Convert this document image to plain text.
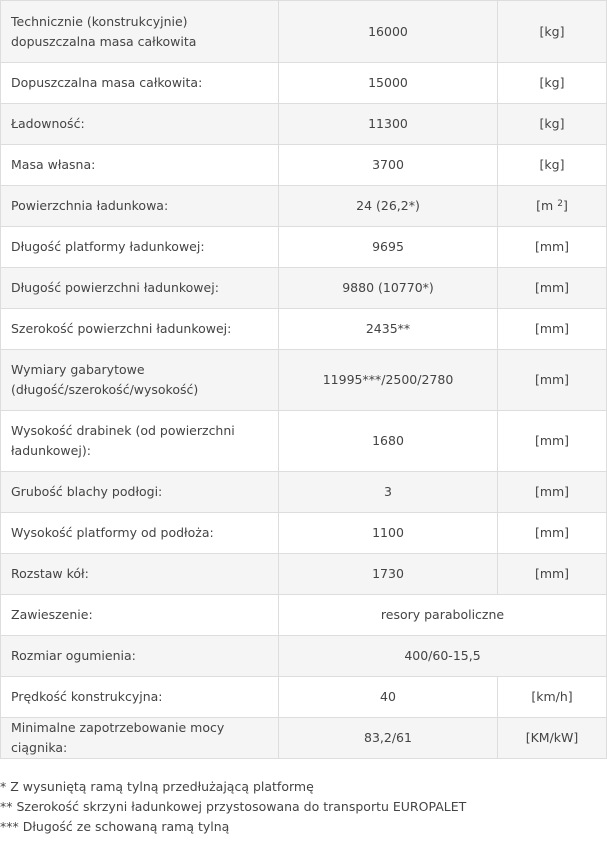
Technicznie (konstrukcyjnie) dopuszczalna masa całkowita	16000	[kg]
Dopuszczalna masa całkowita:	15000	[kg]
Ładowność:	11300	[kg]
Masa własna:	3700	[kg]
Powierzchnia ładunkowa:	24 (26,2*)	[m $^2$]
Długość platformy ładunkowej:	9695	[mm]
Długość powierzchni ładunkowej:	9880 (10770*)	[mm]
Szerokość powierzchni ładunkowej:	2435**	[mm]
Wymiary gabarytowe (długość/szerokość/wysokość)	11995***/2500/2780	[mm]
Wysokość drabinek (od powierzchni ładunkowej):	1680	[mm]
Grubość blachy podłogi:	3	[mm]
Wysokość platformy od podłoża:	1100	[mm]
Rozstaw kół:	1730	[mm]
Zawieszenie:	resory paraboliczne	
Rozmiar ogumienia:	400/60-15,5	
Prędkość konstrukcyjna:	40	[km/h]
Minimalne zapotrzebowanie mocy ciągnika:	83,2/61	[KM/kW]
* Z wysuniętą ramą tylną przedłużającą platformę
** Szerokość skrzyni ładunkowej przystosowana do transportu EUROPALET
*** Długość ze schowaną ramą tylną
